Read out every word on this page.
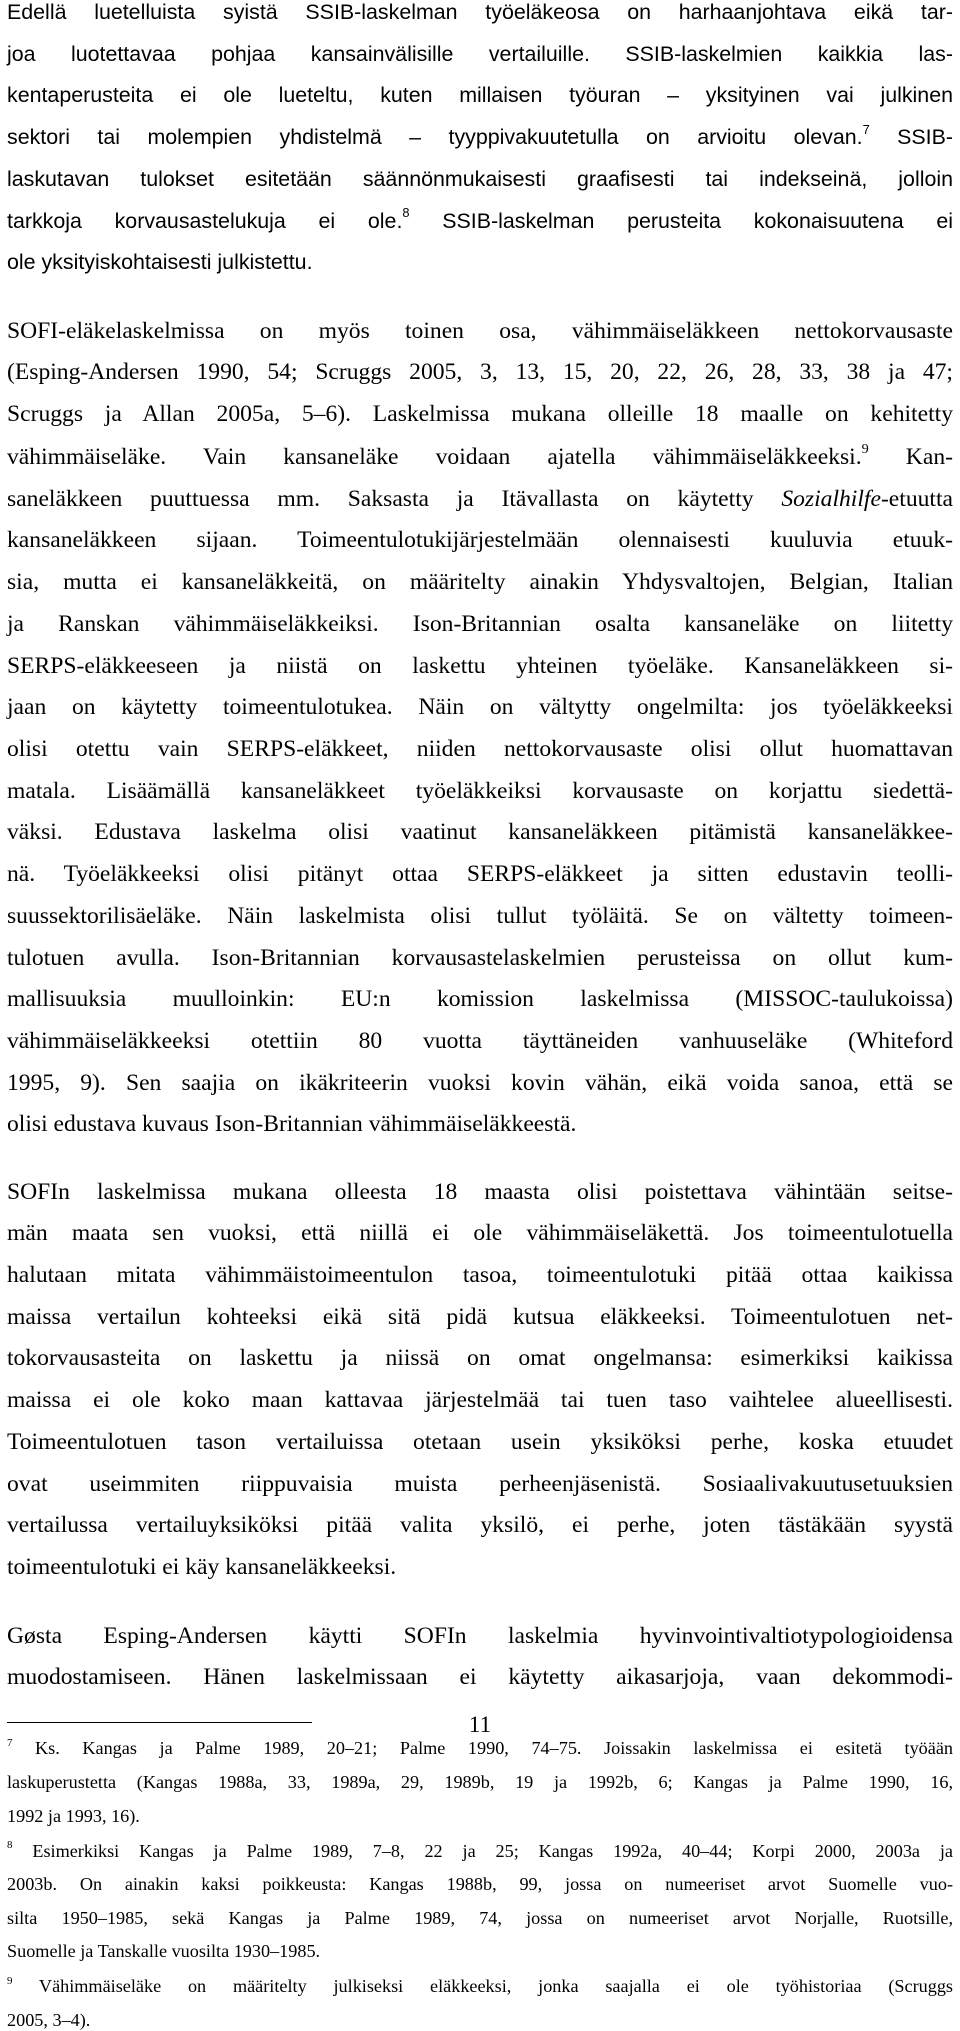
Edellä luetelluista syistä SSIB-laskelman työeläkeosa on harhaanjohtava eikä tar-
joa luotettavaa pohjaa kansainvälisille vertailuille. SSIB-laskelmien kaikkia las-
kentaperusteita ei ole lueteltu, kuten millaisen työuran – yksityinen vai julkinen
sektori tai molempien yhdistelmä – tyyppivakuutetulla on arvioitu olevan.$^7$ SSIB-
laskutavan tulokset esitetään säännönmukaisesti graafisesti tai indekseinä, jolloin
tarkkoja korvausastelukuja ei ole.$^8$ SSIB-laskelman perusteita kokonaisuutena ei
ole yksityiskohtaisesti julkistettu.
SOFI-eläkelaskelmissa on myös toinen osa, vähimmäiseläkkeen nettokorvausaste
(Esping-Andersen 1990, 54; Scruggs 2005, 3, 13, 15, 20, 22, 26, 28, 33, 38 ja 47;
Scruggs ja Allan 2005a, 5–6). Laskelmissa mukana olleille 18 maalle on kehitetty
vähimmäiseläke. Vain kansaneläke voidaan ajatella vähimmäiseläkkeeksi.$^9$ Kan-
saneläkkeen puuttuessa mm. Saksasta ja Itävallasta on käytetty Sozialhilfe-etuutta
kansaneläkkeen sijaan. Toimeentulotukijärjestelmään olennaisesti kuuluvia etuuk-
sia, mutta ei kansaneläkkeitä, on määritelty ainakin Yhdysvaltojen, Belgian, Italian
ja Ranskan vähimmäiseläkkeiksi. Ison-Britannian osalta kansaneläke on liitetty
SERPS-eläkkeeseen ja niistä on laskettu yhteinen työeläke. Kansaneläkkeen si-
jaan on käytetty toimeentulotukea. Näin on vältytty ongelmilta: jos työeläkkeeksi
olisi otettu vain SERPS-eläkkeet, niiden nettokorvausaste olisi ollut huomattavan
matala. Lisäämällä kansaneläkkeet työeläkkeiksi korvausaste on korjattu siedettä-
väksi. Edustava laskelma olisi vaatinut kansaneläkkeen pitämistä kansaneläkkee-
nä. Työeläkkeeksi olisi pitänyt ottaa SERPS-eläkkeet ja sitten edustavin teolli-
suussektorilisäeläke. Näin laskelmista olisi tullut työläitä. Se on vältetty toimeen-
tulotuen avulla. Ison-Britannian korvausastelaskelmien perusteissa on ollut kum-
mallisuuksia muulloinkin: EU:n komission laskelmissa (MISSOC-taulukoissa)
vähimmäiseläkkeeksi otettiin 80 vuotta täyttäneiden vanhuuseläke (Whiteford
1995, 9). Sen saajia on ikäkriteerin vuoksi kovin vähän, eikä voida sanoa, että se
olisi edustava kuvaus Ison-Britannian vähimmäiseläkkeestä.
SOFIn laskelmissa mukana olleesta 18 maasta olisi poistettava vähintään seitse-
män maata sen vuoksi, että niillä ei ole vähimmäiseläkettä. Jos toimeentulotuella
halutaan mitata vähimmäistoimeentulon tasoa, toimeentulotuki pitää ottaa kaikissa
maissa vertailun kohteeksi eikä sitä pidä kutsua eläkkeeksi. Toimeentulotuen net-
tokorvausasteita on laskettu ja niissä on omat ongelmansa: esimerkiksi kaikissa
maissa ei ole koko maan kattavaa järjestelmää tai tuen taso vaihtelee alueellisesti.
Toimeentulotuen tason vertailuissa otetaan usein yksiköksi perhe, koska etuudet
ovat useimmiten riippuvaisia muista perheenjäsenistä. Sosiaalivakuutusetuuksien
vertailussa vertailuyksiköksi pitää valita yksilö, ei perhe, joten tästäkään syystä
toimeentulotuki ei käy kansaneläkkeeksi.
Gøsta Esping-Andersen käytti SOFIn laskelmia hyvinvointivaltiotypologioidensa
muodostamiseen. Hänen laskelmissaan ei käytetty aikasarjoja, vaan dekommodi-
$^7$ Ks. Kangas ja Palme 1989, 20–21; Palme 1990, 74–75. Joissakin laskelmissa ei esitetä työään
laskuperustetta (Kangas 1988a, 33, 1989a, 29, 1989b, 19 ja 1992b, 6; Kangas ja Palme 1990, 16,
1992 ja 1993, 16).
$^8$ Esimerkiksi Kangas ja Palme 1989, 7–8, 22 ja 25; Kangas 1992a, 40–44; Korpi 2000, 2003a ja
2003b. On ainakin kaksi poikkeusta: Kangas 1988b, 99, jossa on numeeriset arvot Suomelle vuo-
silta 1950–1985, sekä Kangas ja Palme 1989, 74, jossa on numeeriset arvot Norjalle, Ruotsille,
Suomelle ja Tanskalle vuosilta 1930–1985.
$^9$ Vähimmäiseläke on määritelty julkiseksi eläkkeeksi, jonka saajalla ei ole työhistoriaa (Scruggs
2005, 3–4).
11
